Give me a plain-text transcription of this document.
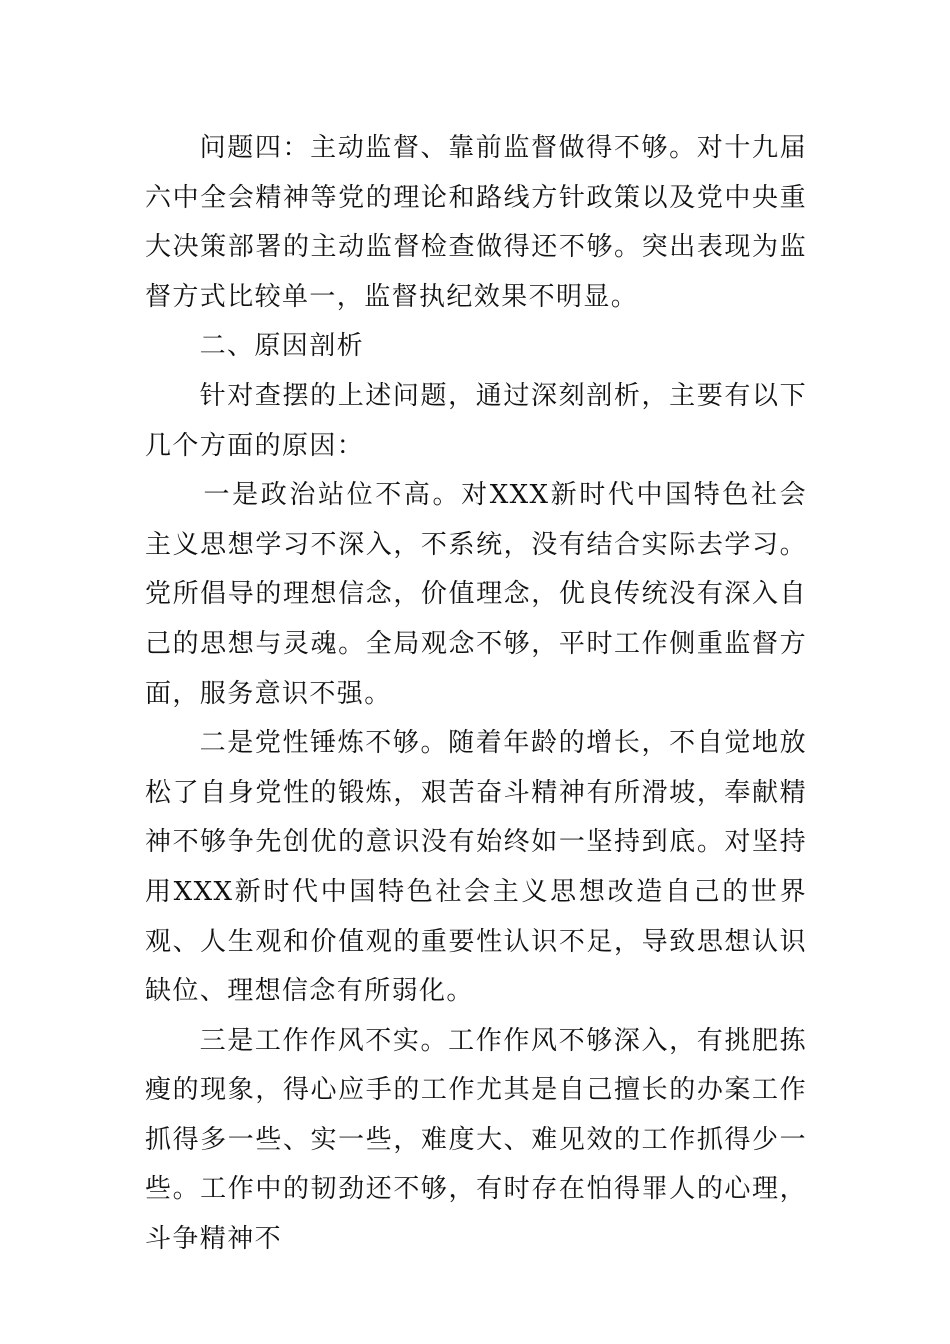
问题四：主动监督、靠前监督做得不够。对十九届六中全会精神等党的理论和路线方针政策以及党中央重大决策部署的主动监督检查做得还不够。突出表现为监督方式比较单一，监督执纪效果不明显。

二、原因剖析

针对查摆的上述问题，通过深刻剖析，主要有以下几个方面的原因：

一是政治站位不高。对XXX新时代中国特色社会主义思想学习不深入，不系统，没有结合实际去学习。党所倡导的理想信念，价值理念，优良传统没有深入自己的思想与灵魂。全局观念不够，平时工作侧重监督方面，服务意识不强。

二是党性锤炼不够。随着年龄的增长，不自觉地放松了自身党性的锻炼，艰苦奋斗精神有所滑坡，奉献精神不够争先创优的意识没有始终如一坚持到底。对坚持用XXX新时代中国特色社会主义思想改造自己的世界观、人生观和价值观的重要性认识不足，导致思想认识缺位、理想信念有所弱化。

三是工作作风不实。工作作风不够深入，有挑肥拣瘦的现象，得心应手的工作尤其是自己擅长的办案工作抓得多一些、实一些，难度大、难见效的工作抓得少一些。工作中的韧劲还不够，有时存在怕得罪人的心理，斗争精神不
